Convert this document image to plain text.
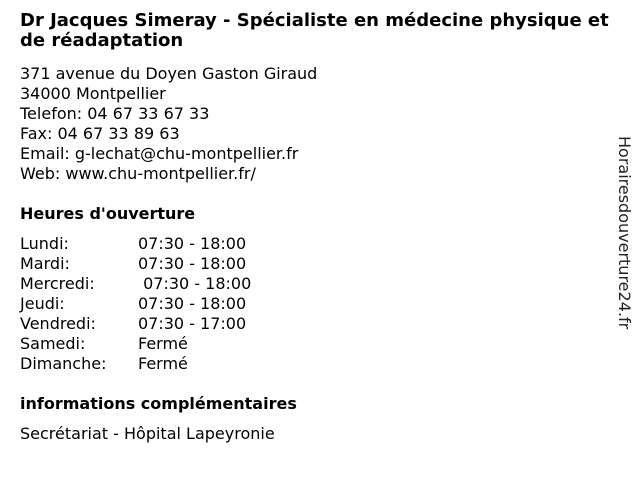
Dr Jacques Simeray - Spécialiste en médecine physique et de réadaptation
371 avenue du Doyen Gaston Giraud
34000 Montpellier
Telefon: 04 67 33 67 33
Fax: 04 67 33 89 63
Email: g-lechat@chu-montpellier.fr
Web: www.chu-montpellier.fr/
Heures d'ouverture
Lundi:	07:30 - 18:00
Mardi:	07:30 - 18:00
Mercredi:	07:30 - 18:00
Jeudi:	07:30 - 18:00
Vendredi:	07:30 - 17:00
Samedi:	Fermé
Dimanche: Fermé
informations complémentaires
Secrétariat - Hôpital Lapeyronie
Horairesdouverture24.fr
